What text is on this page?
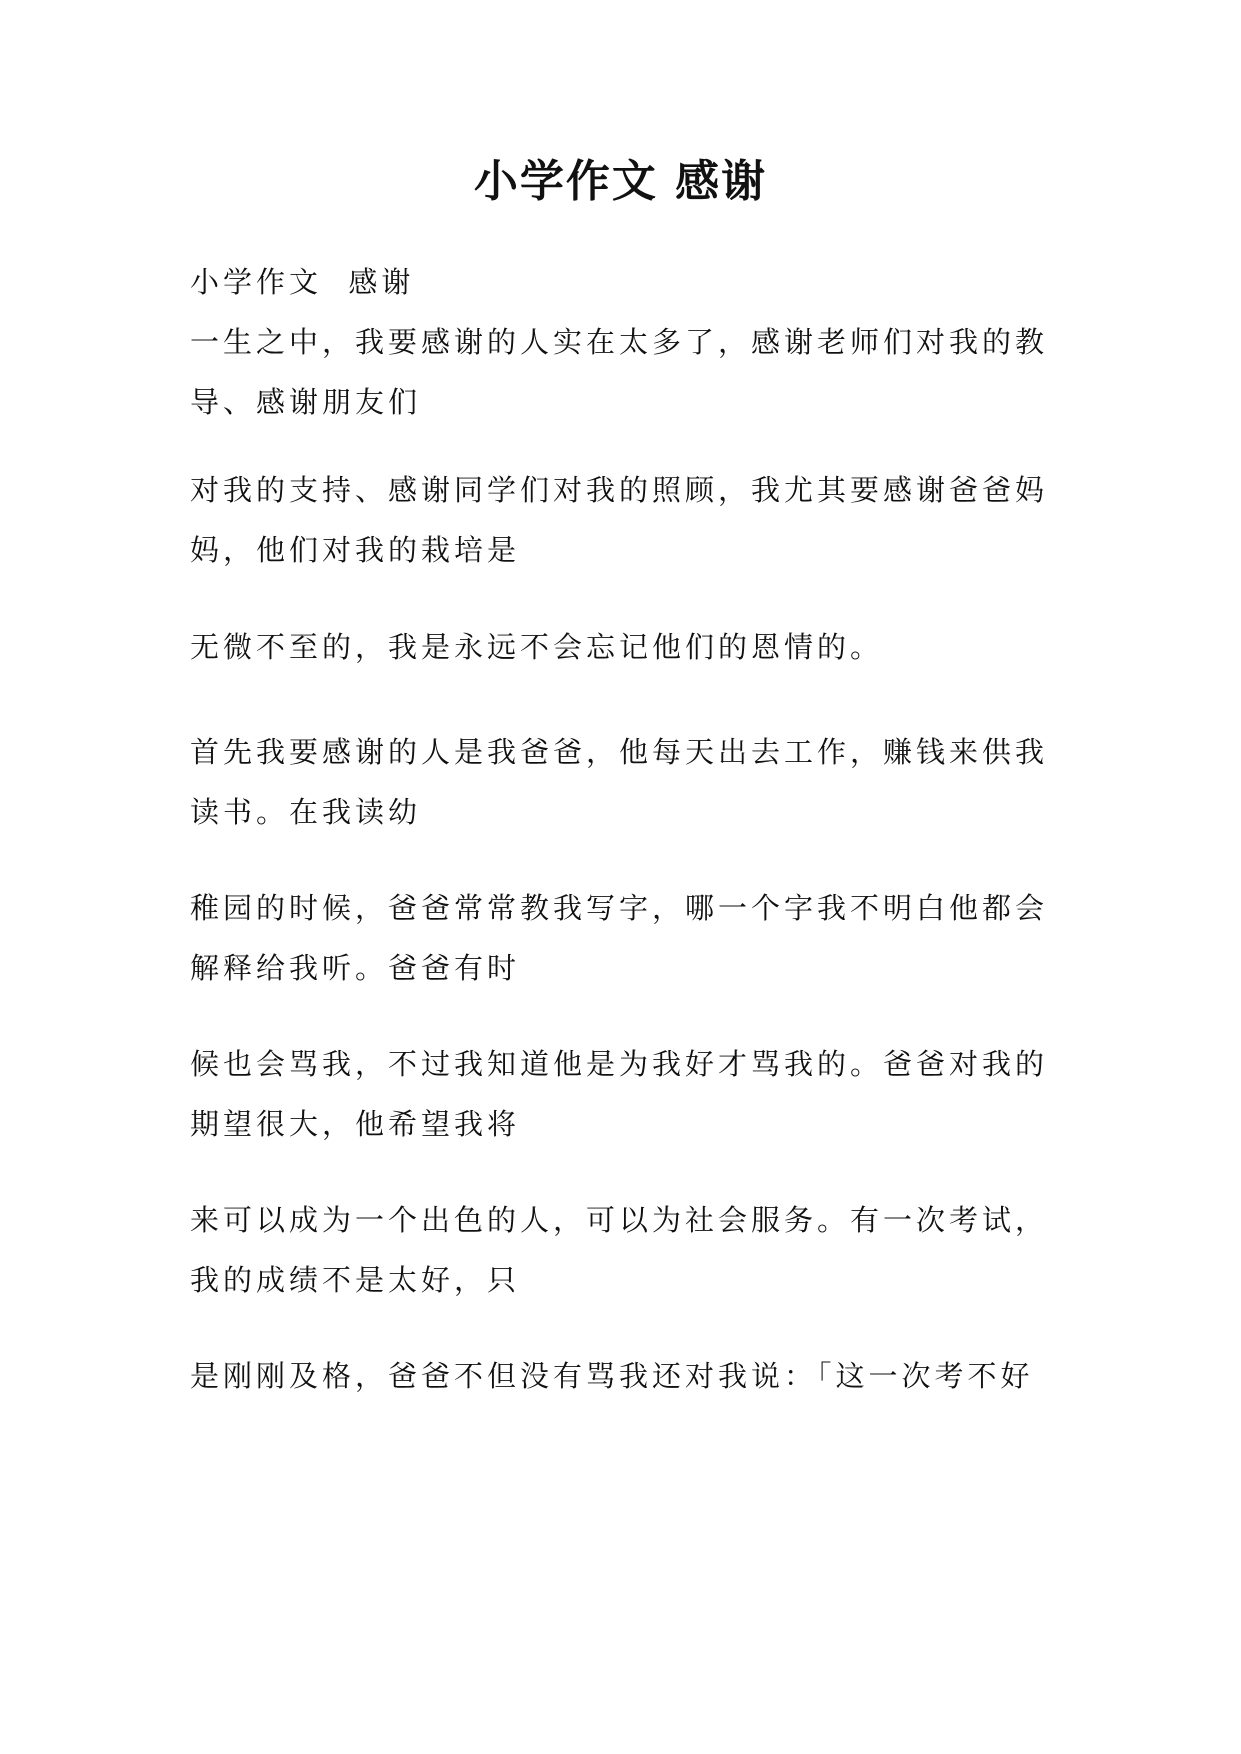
小学作文 感谢
小学作文  感谢
一生之中，我要感谢的人实在太多了，感谢老师们对我的教
导、感谢朋友们
对我的支持、感谢同学们对我的照顾，我尤其要感谢爸爸妈
妈，他们对我的栽培是
无微不至的，我是永远不会忘记他们的恩情的。
首先我要感谢的人是我爸爸，他每天出去工作，赚钱来供我
读书。在我读幼
稚园的时候，爸爸常常教我写字，哪一个字我不明白他都会
解释给我听。爸爸有时
候也会骂我，不过我知道他是为我好才骂我的。爸爸对我的
期望很大，他希望我将
来可以成为一个出色的人，可以为社会服务。有一次考试，
我的成绩不是太好，只
是刚刚及格，爸爸不但没有骂我还对我说：「这一次考不好
